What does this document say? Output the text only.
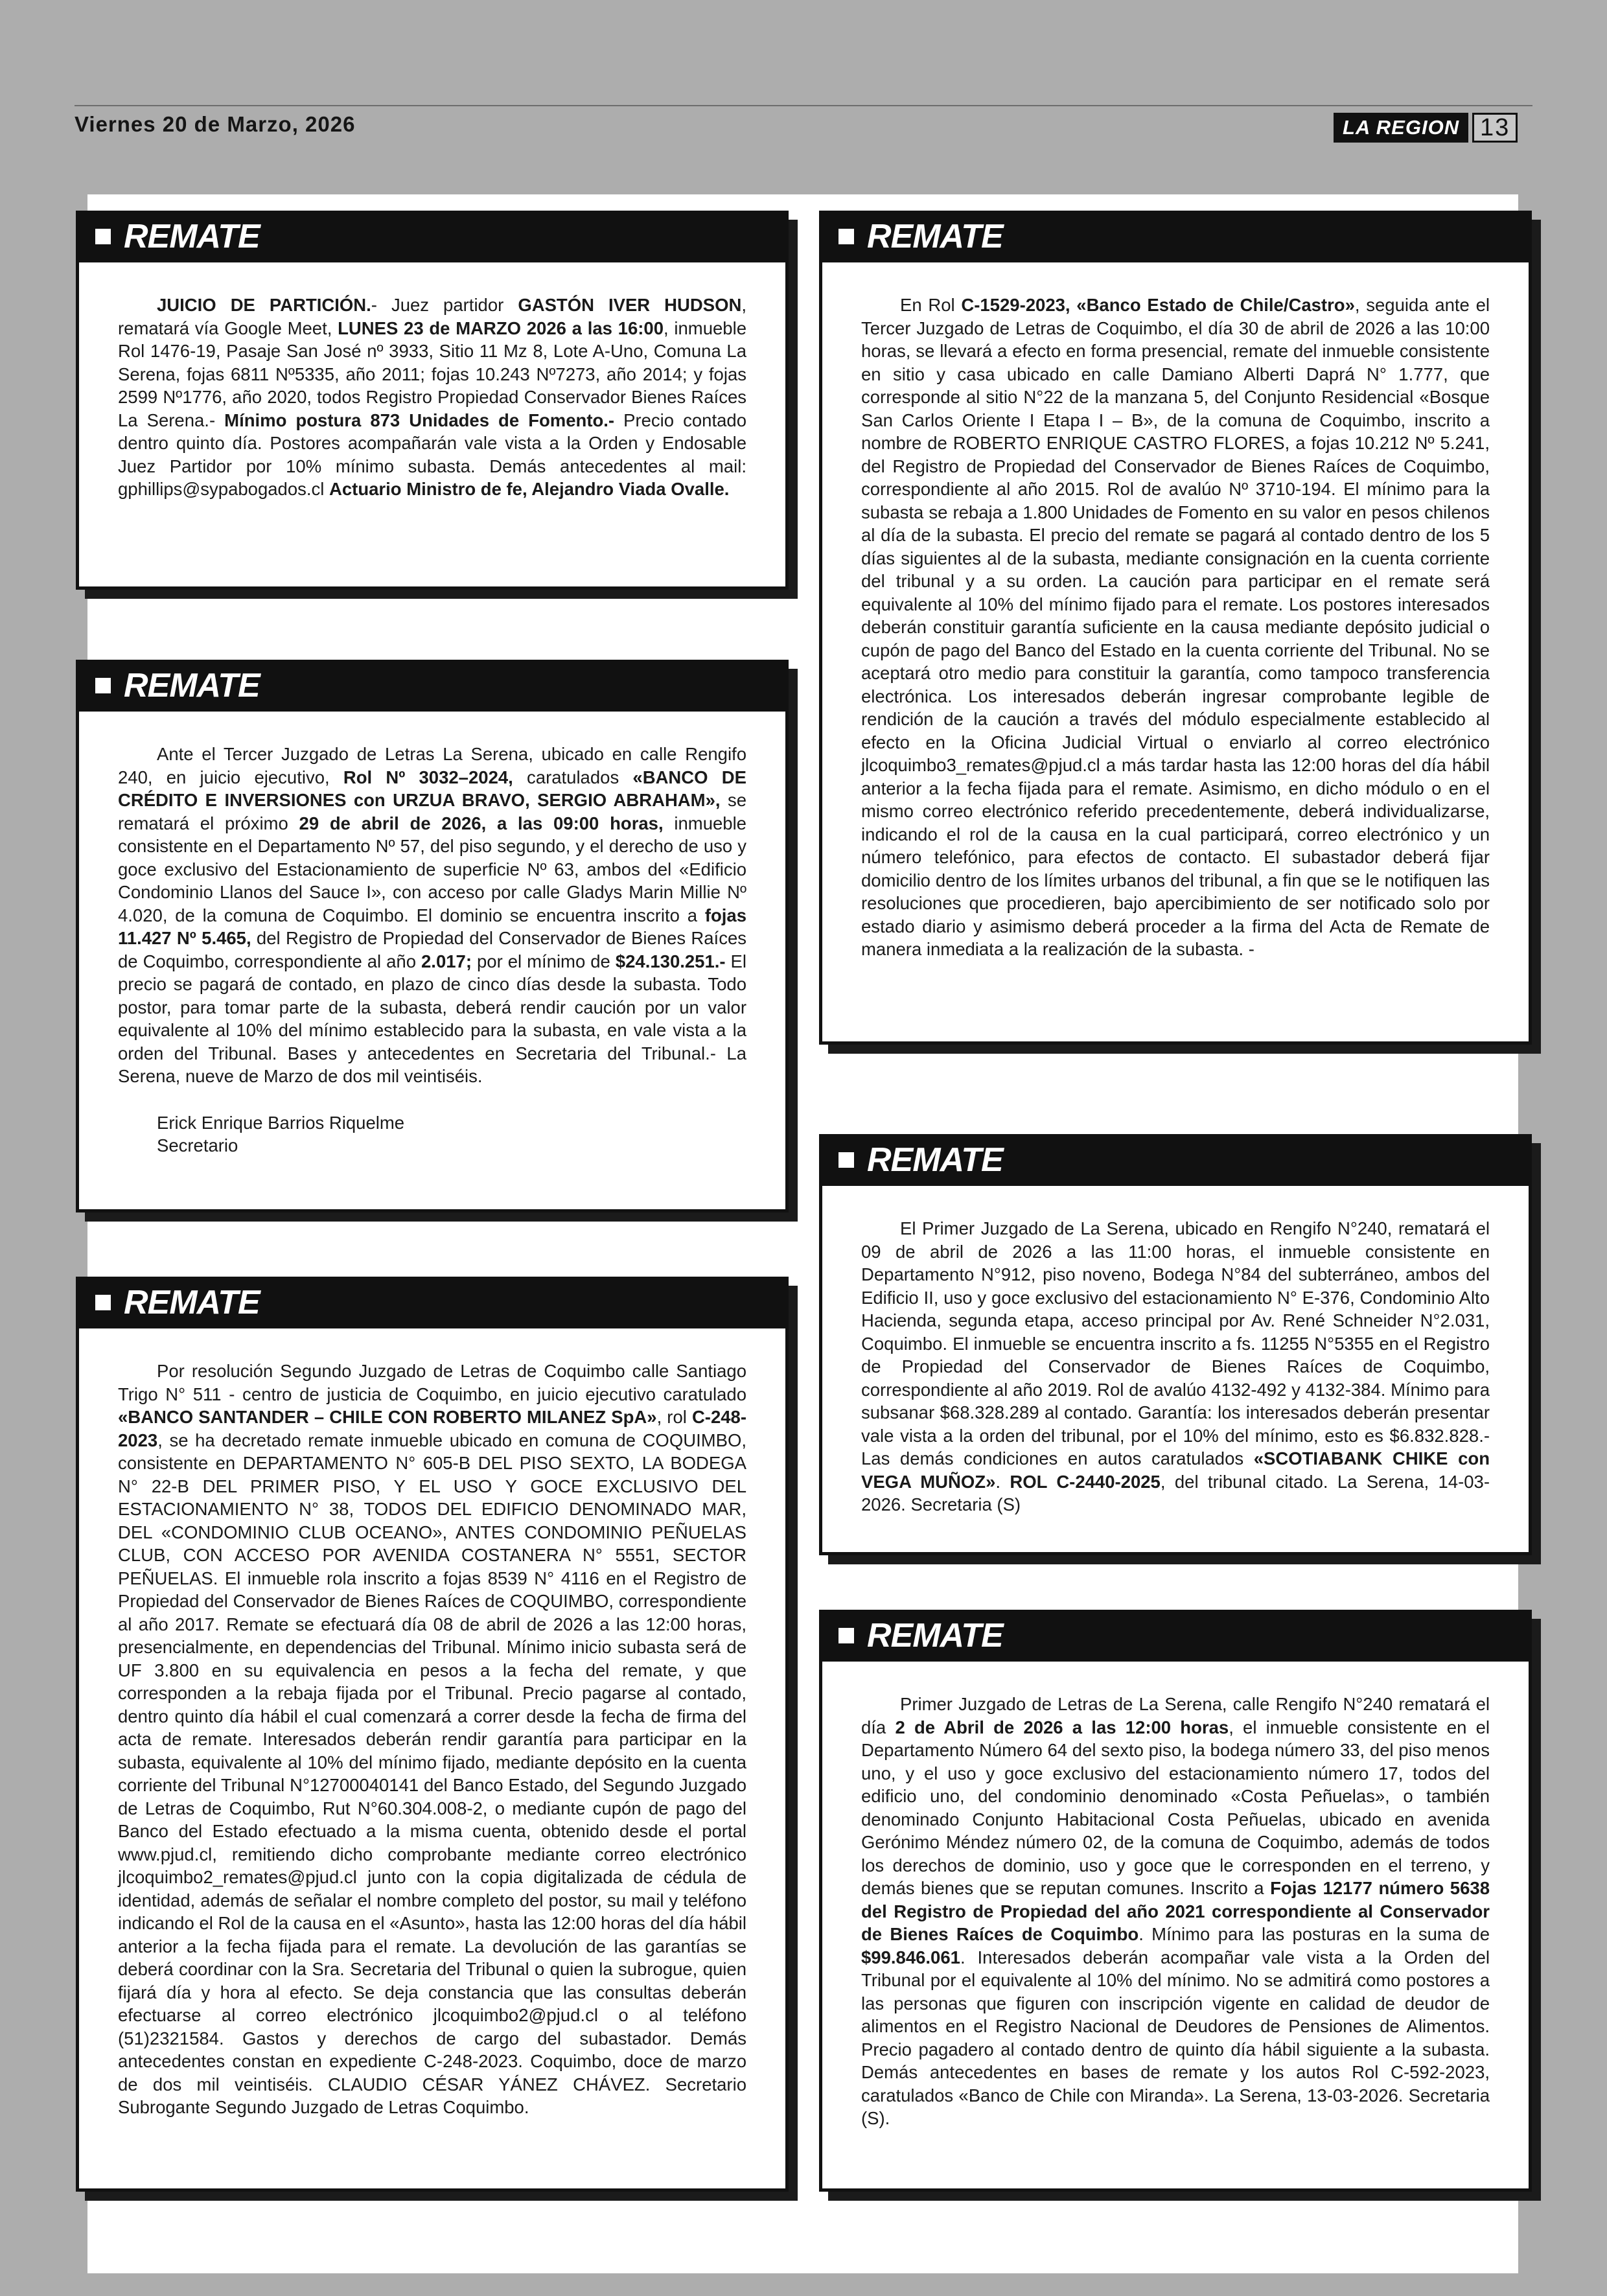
Viernes 20 de Marzo, 2026	LA REGION 13
REMATE

JUICIO DE PARTICIÓN.- Juez partidor GASTÓN IVER HUDSON, rematará vía Google Meet, LUNES 23 de MARZO 2026 a las 16:00, inmueble Rol 1476-19, Pasaje San José nº 3933, Sitio 11 Mz 8, Lote A-Uno, Comuna La Serena, fojas 6811 Nº5335, año 2011; fojas 10.243 Nº7273, año 2014; y fojas 2599 Nº1776, año 2020, todos Registro Propiedad Conservador Bienes Raíces La Serena.- Mínimo postura 873 Unidades de Fomento.- Precio contado dentro quinto día. Postores acompañarán vale vista a la Orden y Endosable Juez Partidor por 10% mínimo subasta. Demás antecedentes al mail: gphillips@sypabogados.cl Actuario Ministro de fe, Alejandro Viada Ovalle.

REMATE

Ante el Tercer Juzgado de Letras La Serena, ubicado en calle Rengifo 240, en juicio ejecutivo, Rol Nº 3032–2024, caratulados «BANCO DE CRÉDITO E INVERSIONES con URZUA BRAVO, SERGIO ABRAHAM», se rematará el próximo 29 de abril de 2026, a las 09:00 horas, inmueble consistente en el Departamento Nº 57, del piso segundo, y el derecho de uso y goce exclusivo del Estacionamiento de superficie Nº 63, ambos del «Edificio Condominio Llanos del Sauce I», con acceso por calle Gladys Marin Millie Nº 4.020, de la comuna de Coquimbo. El dominio se encuentra inscrito a fojas 11.427 Nº 5.465, del Registro de Propiedad del Conservador de Bienes Raíces de Coquimbo, correspondiente al año 2.017; por el mínimo de $24.130.251.- El precio se pagará de contado, en plazo de cinco días desde la subasta. Todo postor, para tomar parte de la subasta, deberá rendir caución por un valor equivalente al 10% del mínimo establecido para la subasta, en vale vista a la orden del Tribunal. Bases y antecedentes en Secretaria del Tribunal.- La Serena, nueve de Marzo de dos mil veintiséis.

Erick Enrique Barrios Riquelme
Secretario
REMATE

Por resolución Segundo Juzgado de Letras de Coquimbo calle Santiago Trigo N° 511 - centro de justicia de Coquimbo, en juicio ejecutivo caratulado «BANCO SANTANDER – CHILE CON ROBERTO MILANEZ SpA», rol C-248-2023, se ha decretado remate inmueble ubicado en comuna de COQUIMBO, consistente en DEPARTAMENTO N° 605-B DEL PISO SEXTO, LA BODEGA N° 22-B DEL PRIMER PISO, Y EL USO Y GOCE EXCLUSIVO DEL ESTACIONAMIENTO N° 38, TODOS DEL EDIFICIO DENOMINADO MAR, DEL «CONDOMINIO CLUB OCEANO», ANTES CONDOMINIO PEÑUELAS CLUB, CON ACCESO POR AVENIDA COSTANERA N° 5551, SECTOR PEÑUELAS. El inmueble rola inscrito a fojas 8539 N° 4116 en el Registro de Propiedad del Conservador de Bienes Raíces de COQUIMBO, correspondiente al año 2017. Remate se efectuará día 08 de abril de 2026 a las 12:00 horas, presencialmente, en dependencias del Tribunal. Mínimo inicio subasta será de UF 3.800 en su equivalencia en pesos a la fecha del remate, y que corresponden a la rebaja fijada por el Tribunal. Precio pagarse al contado, dentro quinto día hábil el cual comenzará a correr desde la fecha de firma del acta de remate. Interesados deberán rendir garantía para participar en la subasta, equivalente al 10% del mínimo fijado, mediante depósito en la cuenta corriente del Tribunal N°12700040141 del Banco Estado, del Segundo Juzgado de Letras de Coquimbo, Rut N°60.304.008-2, o mediante cupón de pago del Banco del Estado efectuado a la misma cuenta, obtenido desde el portal www.pjud.cl, remitiendo dicho comprobante mediante correo electrónico jlcoquimbo2_remates@pjud.cl junto con la copia digitalizada de cédula de identidad, además de señalar el nombre completo del postor, su mail y teléfono indicando el Rol de la causa en el «Asunto», hasta las 12:00 horas del día hábil anterior a la fecha fijada para el remate. La devolución de las garantías se deberá coordinar con la Sra. Secretaria del Tribunal o quien la subrogue, quien fijará día y hora al efecto. Se deja constancia que las consultas deberán efectuarse al correo electrónico jlcoquimbo2@pjud.cl o al teléfono (51)2321584. Gastos y derechos de cargo del subastador. Demás antecedentes constan en expediente C-248-2023. Coquimbo, doce de marzo de dos mil veintiséis. CLAUDIO CÉSAR YÁNEZ CHÁVEZ. Secretario Subrogante Segundo Juzgado de Letras Coquimbo.

REMATE

En Rol C-1529-2023, «Banco Estado de Chile/Castro», seguida ante el Tercer Juzgado de Letras de Coquimbo, el día 30 de abril de 2026 a las 10:00 horas, se llevará a efecto en forma presencial, remate del inmueble consistente en sitio y casa ubicado en calle Damiano Alberti Daprá N° 1.777, que corresponde al sitio N°22 de la manzana 5, del Conjunto Residencial «Bosque San Carlos Oriente I Etapa I – B», de la comuna de Coquimbo, inscrito a nombre de ROBERTO ENRIQUE CASTRO FLORES, a fojas 10.212 Nº 5.241, del Registro de Propiedad del Conservador de Bienes Raíces de Coquimbo, correspondiente al año 2015. Rol de avalúo Nº 3710-194. El mínimo para la subasta se rebaja a 1.800 Unidades de Fomento en su valor en pesos chilenos al día de la subasta. El precio del remate se pagará al contado dentro de los 5 días siguientes al de la subasta, mediante consignación en la cuenta corriente del tribunal y a su orden. La caución para participar en el remate será equivalente al 10% del mínimo fijado para el remate. Los postores interesados deberán constituir garantía suficiente en la causa mediante depósito judicial o cupón de pago del Banco del Estado en la cuenta corriente del Tribunal. No se aceptará otro medio para constituir la garantía, como tampoco transferencia electrónica. Los interesados deberán ingresar comprobante legible de rendición de la caución a través del módulo especialmente establecido al efecto en la Oficina Judicial Virtual o enviarlo al correo electrónico jlcoquimbo3_remates@pjud.cl a más tardar hasta las 12:00 horas del día hábil anterior a la fecha fijada para el remate. Asimismo, en dicho módulo o en el mismo correo electrónico referido precedentemente, deberá individualizarse, indicando el rol de la causa en la cual participará, correo electrónico y un número telefónico, para efectos de contacto. El subastador deberá fijar domicilio dentro de los límites urbanos del tribunal, a fin que se le notifiquen las resoluciones que procedieren, bajo apercibimiento de ser notificado solo por estado diario y asimismo deberá proceder a la firma del Acta de Remate de manera inmediata a la realización de la subasta. -

REMATE

El Primer Juzgado de La Serena, ubicado en Rengifo N°240, rematará el 09 de abril de 2026 a las 11:00 horas, el inmueble consistente en Departamento N°912, piso noveno, Bodega N°84 del subterráneo, ambos del Edificio II, uso y goce exclusivo del estacionamiento N° E-376, Condominio Alto Hacienda, segunda etapa, acceso principal por Av. René Schneider N°2.031, Coquimbo. El inmueble se encuentra inscrito a fs. 11255 N°5355 en el Registro de Propiedad del Conservador de Bienes Raíces de Coquimbo, correspondiente al año 2019. Rol de avalúo 4132-492 y 4132-384. Mínimo para subsanar $68.328.289 al contado. Garantía: los interesados deberán presentar vale vista a la orden del tribunal, por el 10% del mínimo, esto es $6.832.828.- Las demás condiciones en autos caratulados «SCOTIABANK CHIKE con VEGA MUÑOZ». ROL C-2440-2025, del tribunal citado. La Serena, 14-03-2026. Secretaria (S)

REMATE

Primer Juzgado de Letras de La Serena, calle Rengifo N°240 rematará el día 2 de Abril de 2026 a las 12:00 horas, el inmueble consistente en el Departamento Número 64 del sexto piso, la bodega número 33, del piso menos uno, y el uso y goce exclusivo del estacionamiento número 17, todos del edificio uno, del condominio denominado «Costa Peñuelas», o también denominado Conjunto Habitacional Costa Peñuelas, ubicado en avenida Gerónimo Méndez número 02, de la comuna de Coquimbo, además de todos los derechos de dominio, uso y goce que le corresponden en el terreno, y demás bienes que se reputan comunes. Inscrito a Fojas 12177 número 5638 del Registro de Propiedad del año 2021 correspondiente al Conservador de Bienes Raíces de Coquimbo. Mínimo para las posturas en la suma de $99.846.061. Interesados deberán acompañar vale vista a la Orden del Tribunal por el equivalente al 10% del mínimo. No se admitirá como postores a las personas que figuren con inscripción vigente en calidad de deudor de alimentos en el Registro Nacional de Deudores de Pensiones de Alimentos. Precio pagadero al contado dentro de quinto día hábil siguiente a la subasta. Demás antecedentes en bases de remate y los autos Rol C-592-2023, caratulados «Banco de Chile con Miranda». La Serena, 13-03-2026. Secretaria (S).
